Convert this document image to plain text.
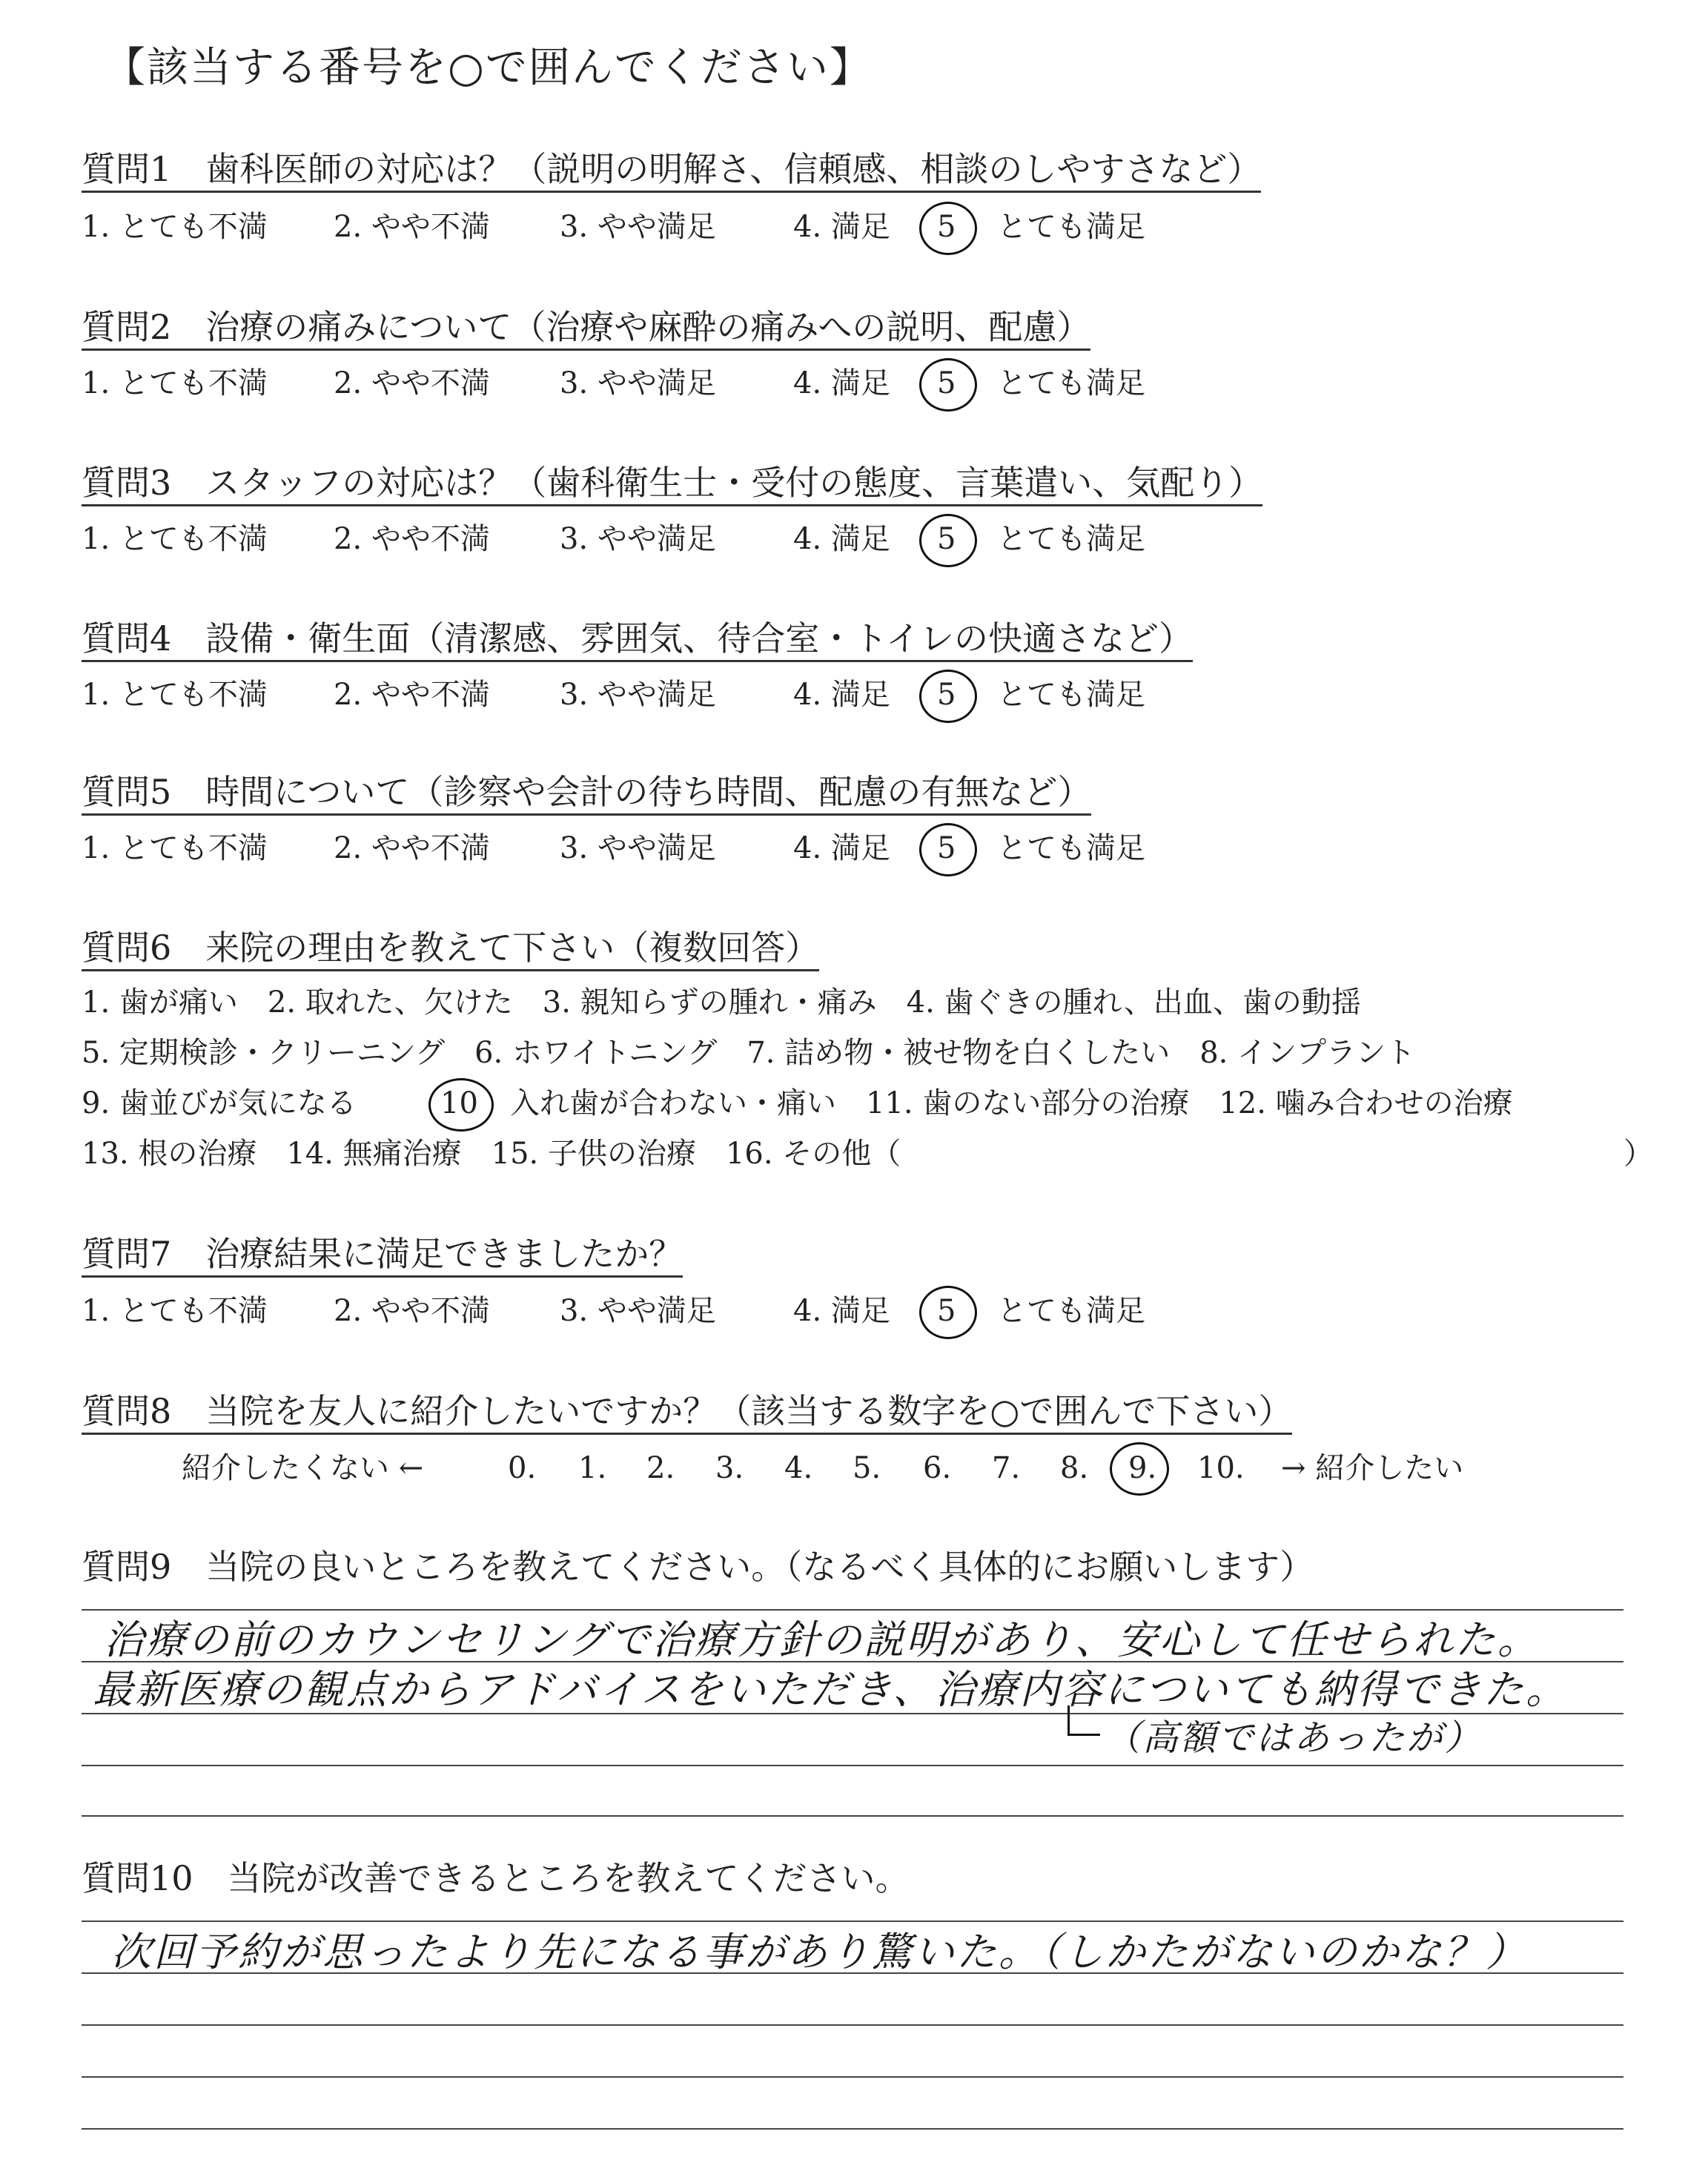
【該当する番号を○で囲んでください】
質問1　歯科医師の対応は？（説明の明解さ、信頼感、相談のしやすさなど）
1. とても不満 2. やや不満 3. やや満足	4. 満足 5 とても満足
質問2　治療の痛みについて（治療や麻酔の痛みへの説明、配慮）
1. とても不満 2. やや不満 3. やや満足	4. 満足 5 とても満足
質問3　スタッフの対応は？（歯科衛生士・受付の態度、言葉遣い、気配り）
1. とても不満 2. やや不満 3. やや満足	4. 満足 5 とても満足
質問4　設備・衛生面（清潔感、雰囲気、待合室・トイレの快適さなど）
1. とても不満 2. やや不満 3. やや満足	4. 満足 5 とても満足
質問5　時間について（診察や会計の待ち時間、配慮の有無など）
1. とても不満 2. やや不満 3. やや満足	4. 満足 5 とても満足
質問6　来院の理由を教えて下さい（複数回答）
1. 歯が痛い　2. 取れた、欠けた　3. 親知らずの腫れ・痛み　4. 歯ぐきの腫れ、出血、歯の動揺
5. 定期検診・クリーニング　6. ホワイトニング　7. 詰め物・被せ物を白くしたい　8. インプラント
9. 歯並びが気になる	10 入れ歯が合わない・痛い　11. 歯のない部分の治療　12. 噛み合わせの治療
13. 根の治療　14. 無痛治療　15. 子供の治療　16. その他（	）
質問7　治療結果に満足できましたか？
1. とても不満 2. やや不満 3. やや満足	4. 満足 5 とても満足
質問8　当院を友人に紹介したいですか？（該当する数字を○で囲んで下さい）
紹介したくない ←	0. 1. 2. 3. 4. 5. 6. 7. 8. 9. 10. → 紹介したい
質問9　当院の良いところを教えてください。（なるべく具体的にお願いします）
治療の前のカウンセリングで治療方針の説明があり、安心して任せられた。
最新医療の観点からアドバイスをいただき、治療内容についても納得できた。
（高額ではあったが）
質問10　当院が改善できるところを教えてください。
次回予約が思ったより先になる事があり驚いた。（しかたがないのかな？）
